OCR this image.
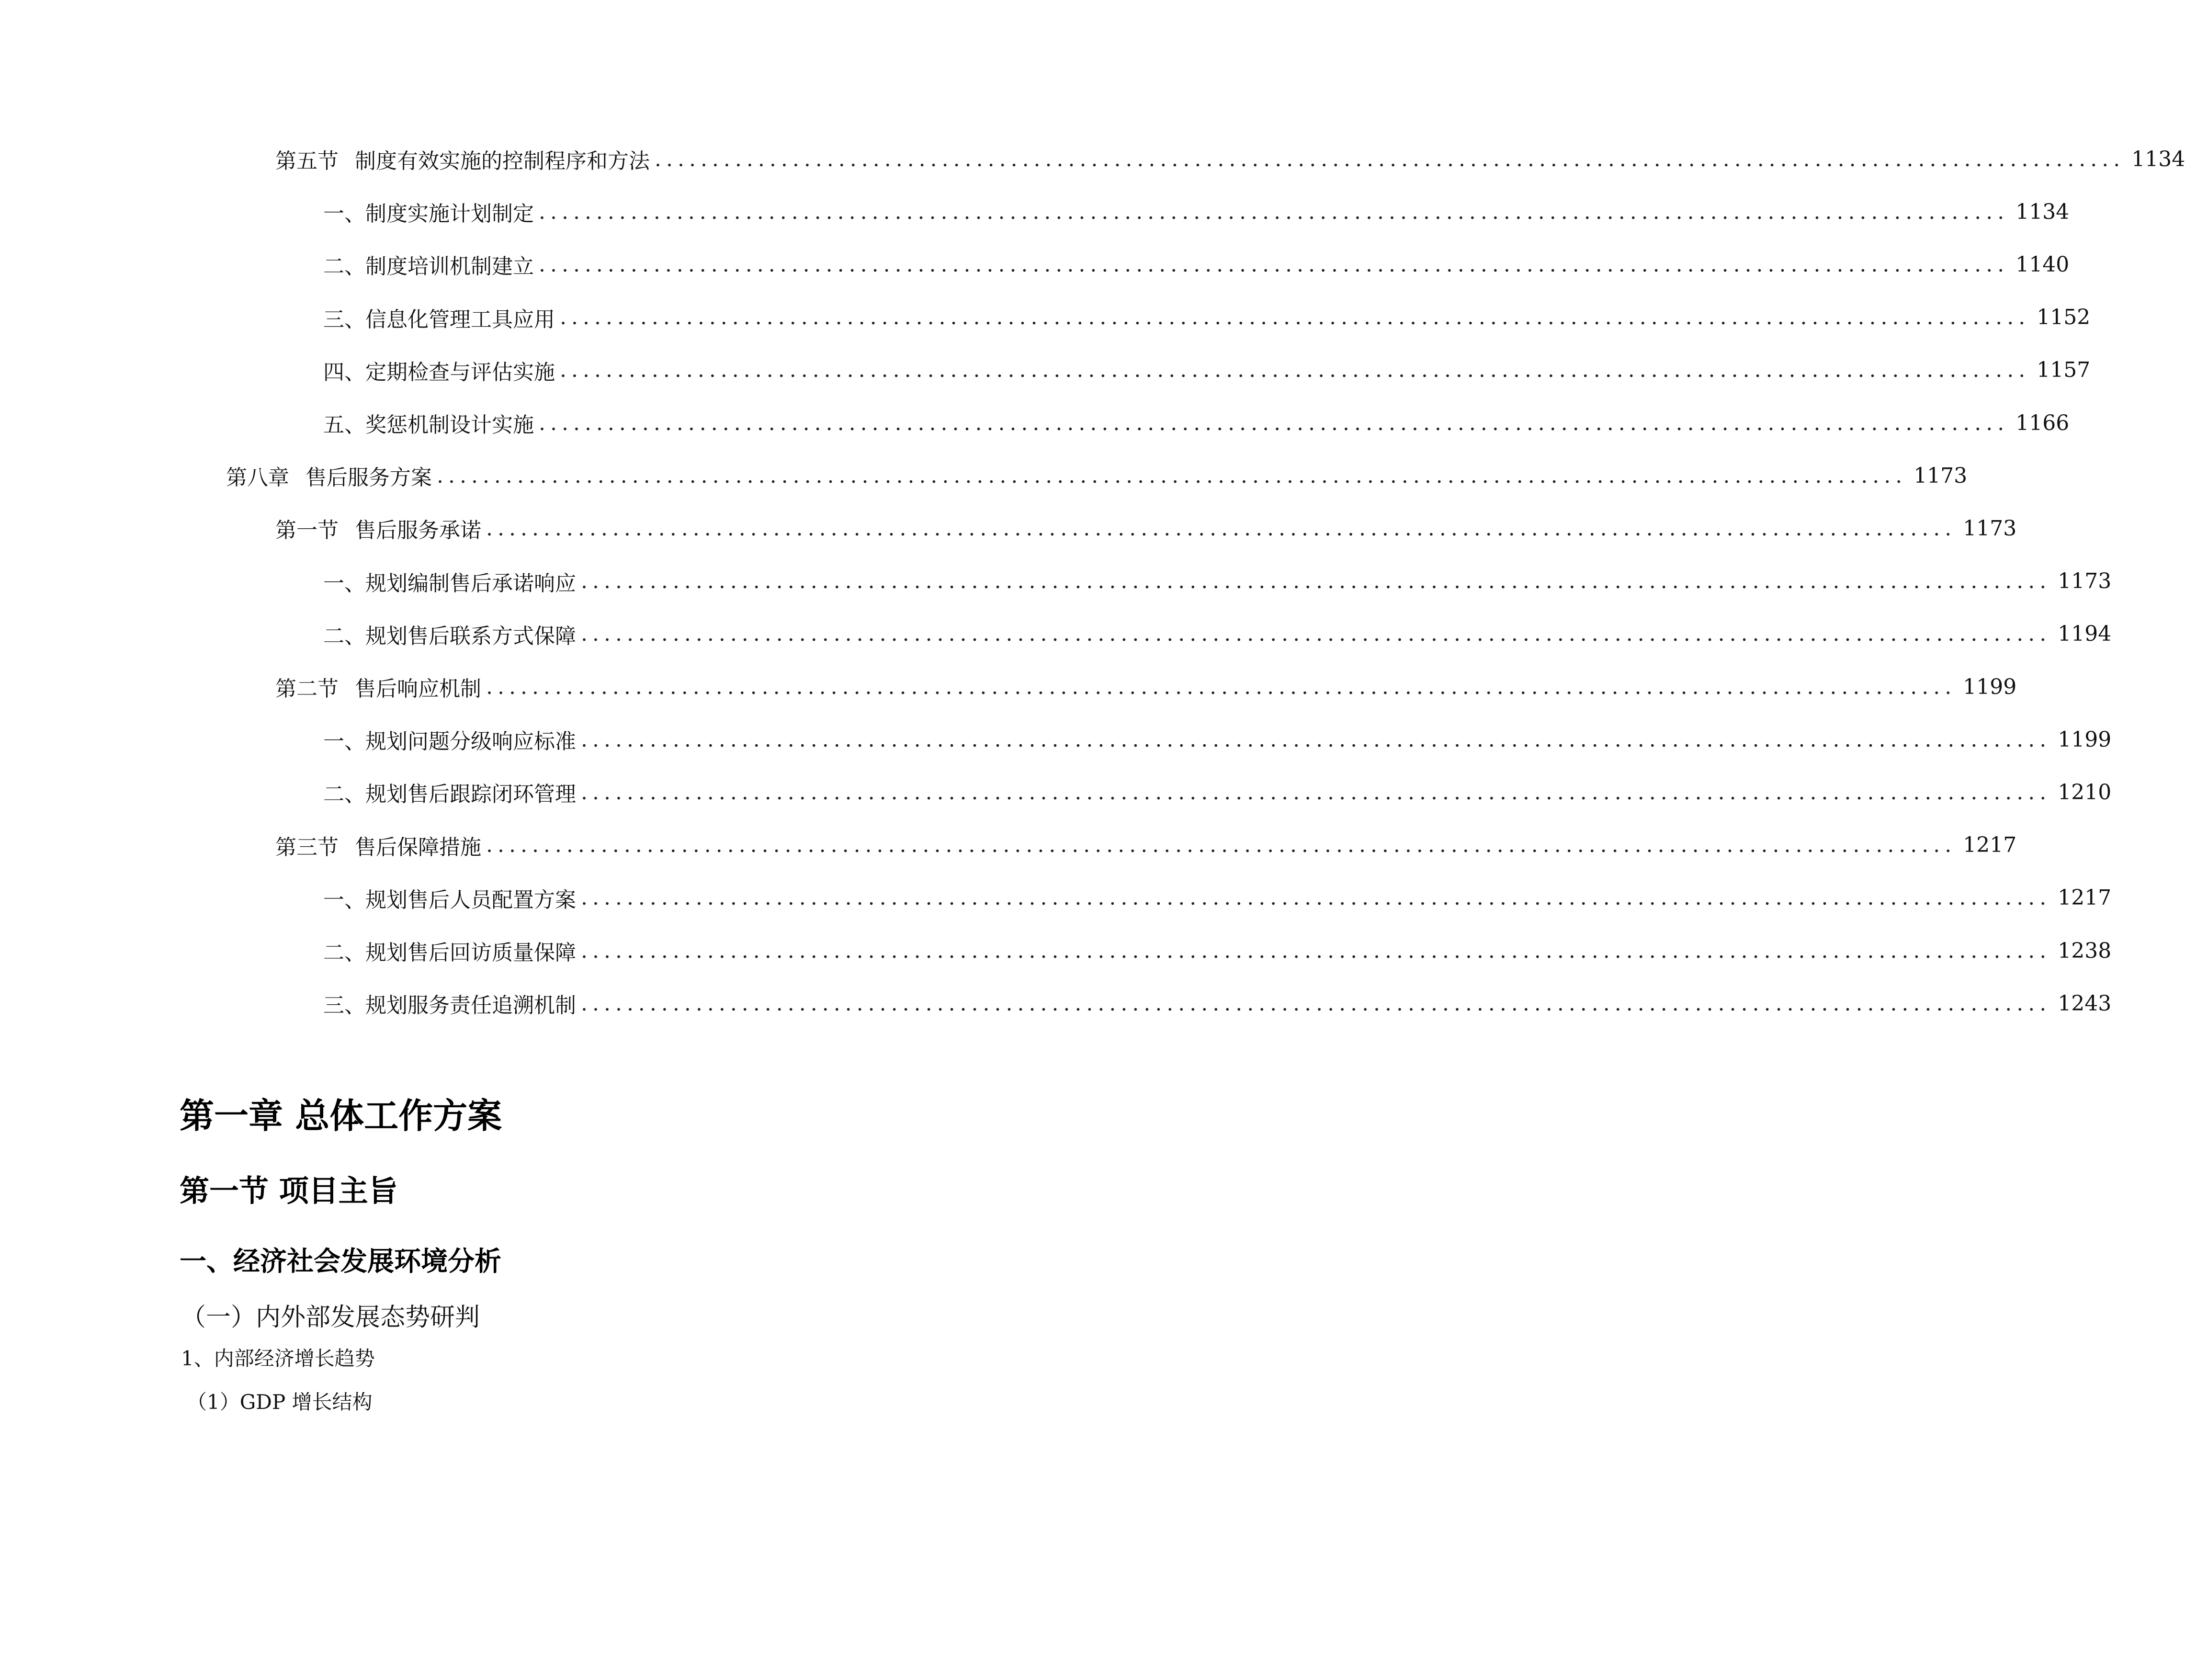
第五节 制度有效实施的控制程序和方法 ................................................................................................................................ 1134
一、 制度实施计划制定 ................................................................................................................................ 1134
二、 制度培训机制建立 ................................................................................................................................ 1140
三、 信息化管理工具应用 ................................................................................................................................ 1152
四、 定期检查与评估实施 ................................................................................................................................ 1157
五、 奖惩机制设计实施 ................................................................................................................................ 1166
第八章 售后服务方案 ................................................................................................................................ 1173
第一节 售后服务承诺 ................................................................................................................................ 1173
一、 规划编制售后承诺响应 ................................................................................................................................ 1173
二、 规划售后联系方式保障 ................................................................................................................................ 1194
第二节 售后响应机制 ................................................................................................................................ 1199
一、 规划问题分级响应标准 ................................................................................................................................ 1199
二、 规划售后跟踪闭环管理 ................................................................................................................................ 1210
第三节 售后保障措施 ................................................................................................................................ 1217
一、 规划售后人员配置方案 ................................................................................................................................ 1217
二、 规划售后回访质量保障 ................................................................................................................................ 1238
三、 规划服务责任追溯机制 ................................................................................................................................ 1243
第一章 总体工作方案
第一节 项目主旨
一、经济社会发展环境分析
（一）内外部发展态势研判
1、内部经济增长趋势
（1）GDP 增长结构
